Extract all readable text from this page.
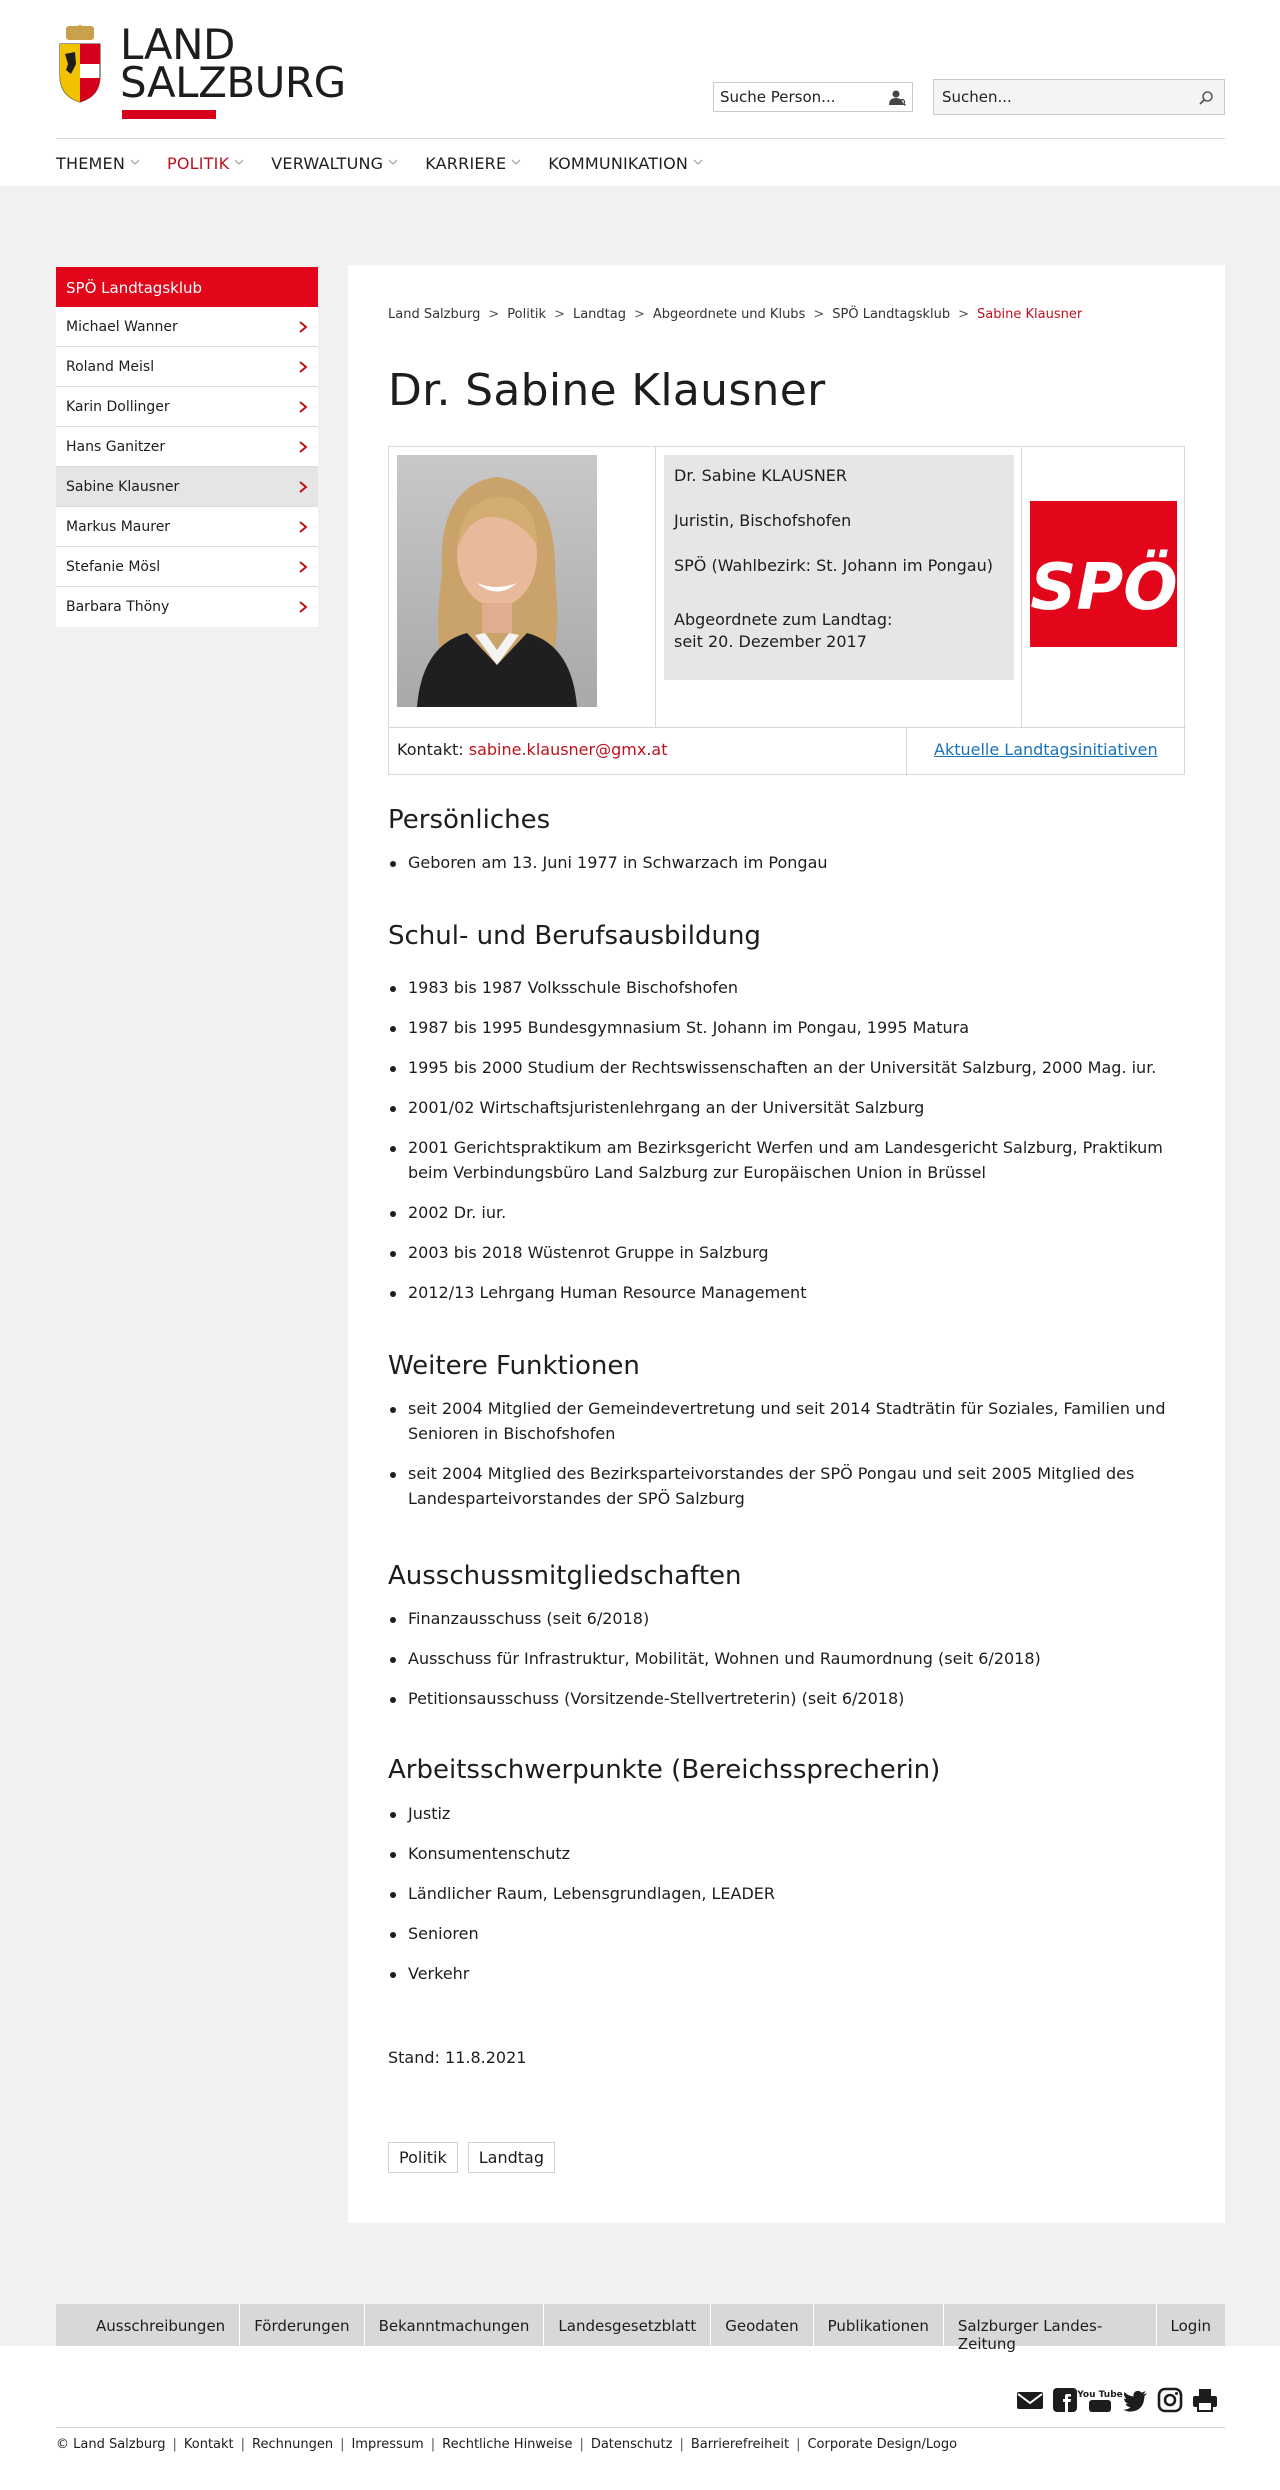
LAND
SALZBURG
Suche Person...
Suchen...
THEMEN	POLITIK	VERWALTUNG	KARRIERE	KOMMUNIKATION
SPÖ Landtagsklub
Michael Wanner
Roland Meisl
Karin Dollinger
Hans Ganitzer
Sabine Klausner
Markus Maurer
Stefanie Mösl
Barbara Thöny
Land Salzburg > Politik > Landtag > Abgeordnete und Klubs > SPÖ Landtagsklub > Sabine Klausner
Dr. Sabine Klausner

Dr. Sabine KLAUSNER

Juristin, Bischofshofen

SPÖ (Wahlbezirk: St. Johann im Pongau)

Abgeordnete zum Landtag:
seit 20. Dezember 2017
SPÖ
Kontakt: sabine.klausner@gmx.at	Aktuelle Landtagsinitiativen
Persönliches
Geboren am 13. Juni 1977 in Schwarzach im Pongau
Schul- und Berufsausbildung
1983 bis 1987 Volksschule Bischofshofen
1987 bis 1995 Bundesgymnasium St. Johann im Pongau, 1995 Matura
1995 bis 2000 Studium der Rechtswissenschaften an der Universität Salzburg, 2000 Mag. iur.
2001/02 Wirtschaftsjuristenlehrgang an der Universität Salzburg
2001 Gerichtspraktikum am Bezirksgericht Werfen und am Landesgericht Salzburg, Praktikum beim Verbindungsbüro Land Salzburg zur Europäischen Union in Brüssel
2002 Dr. iur.
2003 bis 2018 Wüstenrot Gruppe in Salzburg
2012/13 Lehrgang Human Resource Management
Weitere Funktionen
seit 2004 Mitglied der Gemeindevertretung und seit 2014 Stadträtin für Soziales, Familien und Senioren in Bischofshofen
seit 2004 Mitglied des Bezirksparteivorstandes der SPÖ Pongau und seit 2005 Mitglied des Landesparteivorstandes der SPÖ Salzburg
Ausschussmitgliedschaften
Finanzausschuss (seit 6/2018)
Ausschuss für Infrastruktur, Mobilität, Wohnen und Raumordnung (seit 6/2018)
Petitionsausschuss (Vorsitzende-Stellvertreterin) (seit 6/2018)
Arbeitsschwerpunkte (Bereichssprecherin)
Justiz
Konsumentenschutz
Ländlicher Raum, Lebensgrundlagen, LEADER
Senioren
Verkehr
Stand: 11.8.2021
Politik	Landtag
Ausschreibungen	Förderungen	Bekanntmachungen	Landesgesetzblatt	Geodaten	Publikationen	Salzburger Landes-Zeitung
Login
You Tube
© Land Salzburg | Kontakt | Rechnungen | Impressum | Rechtliche Hinweise | Datenschutz | Barrierefreiheit | Corporate Design/Logo
